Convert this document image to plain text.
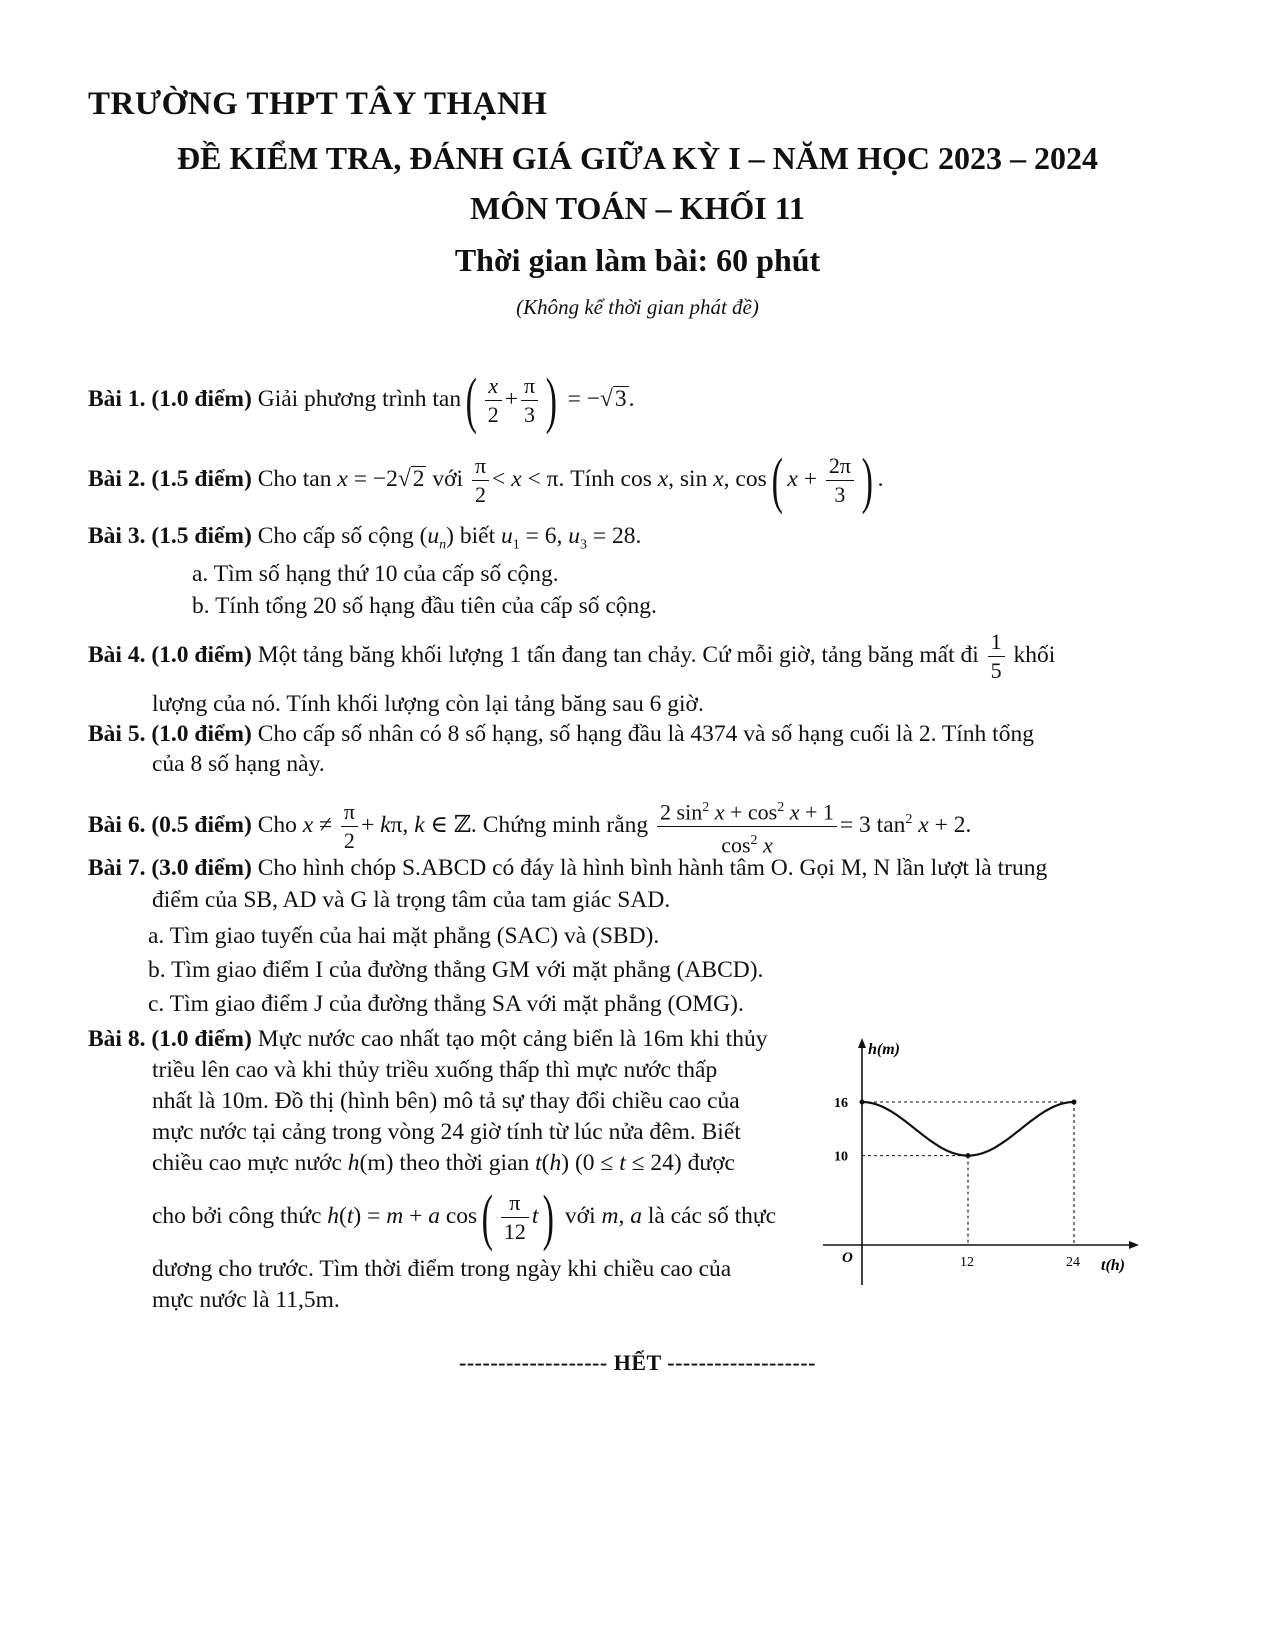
TRƯỜNG THPT TÂY THẠNH
ĐỀ KIỂM TRA, ĐÁNH GIÁ GIỮA KỲ I – NĂM HỌC 2023 – 2024
MÔN TOÁN – KHỐI 11
Thời gian làm bài: 60 phút
(Không kể thời gian phát đề)
Bài 1. (1.0 điểm) Giải phương trình $\tan( \frac{x}{2} + \frac{\pi}{3}$ ) = −√3.
Bài 2. (1.5 điểm) Cho tan x = −2√2 với $\frac{\pi}{2} < x < \pi$. Tính cos x, sin x, cos( $x + \frac{2\pi}{3}$ ) .
Bài 3. (1.5 điểm) Cho cấp số cộng $(u_n)$ biết $u_1 = 6$, $u_3 = 28$.
a. Tìm số hạng thứ 10 của cấp số cộng.
b. Tính tổng 20 số hạng đầu tiên của cấp số cộng.
Bài 4. (1.0 điểm) Một tảng băng khối lượng 1 tấn đang tan chảy. Cứ mỗi giờ, tảng băng mất đi $\frac{1}{5}$ khối
lượng của nó. Tính khối lượng còn lại tảng băng sau 6 giờ.
Bài 5. (1.0 điểm) Cho cấp số nhân có 8 số hạng, số hạng đầu là 4374 và số hạng cuối là 2. Tính tổng
của 8 số hạng này.
Bài 6. (0.5 điểm) Cho $x \ne \frac{\pi}{2} + k\pi$, k ∈ ℤ. Chứng minh rằng $\frac{2 \sin^2 x + \cos^2 x + 1}{\cos^2 x} = 3$ $\tan^2 x + 2$.
Bài 7. (3.0 điểm) Cho hình chóp S.ABCD có đáy là hình bình hành tâm O. Gọi M, N lần lượt là trung
điểm của SB, AD và G là trọng tâm của tam giác SAD.
a. Tìm giao tuyến của hai mặt phẳng (SAC) và (SBD).
b. Tìm giao điểm I của đường thẳng GM với mặt phẳng (ABCD).
c. Tìm giao điểm J của đường thẳng SA với mặt phẳng (OMG).

Bài 8. (1.0 điểm) Mực nước cao nhất tạo một cảng biển là 16m khi thủy

triều lên cao và khi thủy triều xuống thấp thì mực nước thấp

nhất là 10m. Đồ thị (hình bên) mô tả sự thay đổi chiều cao của

mực nước tại cảng trong vòng 24 giờ tính từ lúc nửa đêm. Biết

chiều cao mực nước h(m) theo thời gian t(h) (0 ≤ t ≤ 24) được

cho bởi công thức h(t) = m + a $\cos( \frac{\pi}{12} t)$ với m, a là các số thực

dương cho trước. Tìm thời điểm trong ngày khi chiều cao của

mực nước là 11,5m.

h(m)
t(h)
O
16
10
12	24
------------------- HẾT -------------------
